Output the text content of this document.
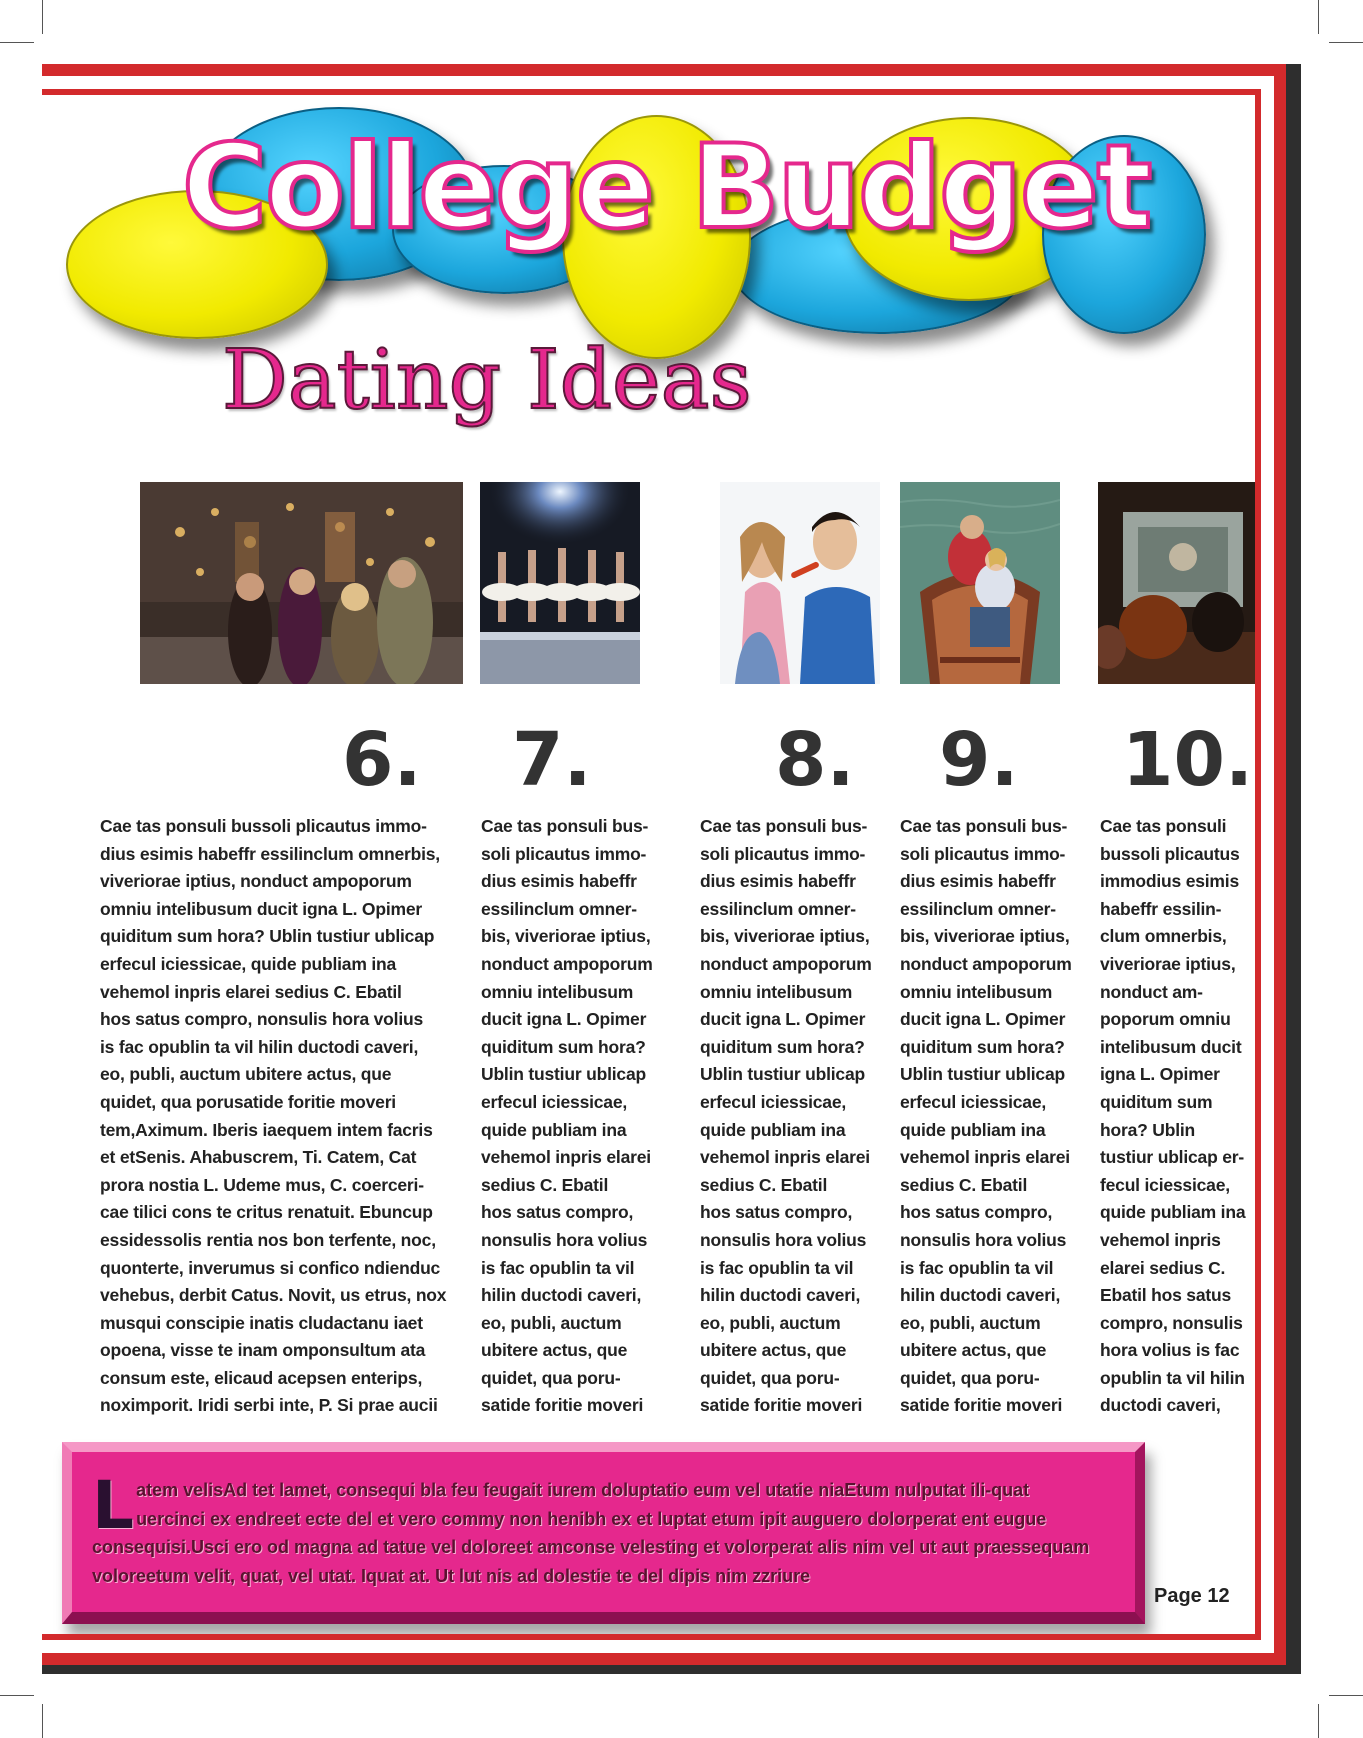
College Budget
Dating Ideas
6. 7. 8. 9. 10.
Cae tas ponsuli bussoli plicautus immo-
dius esimis habeffr essilinclum omnerbis,
viveriorae iptius, nonduct ampoporum
omniu intelibusum ducit igna L. Opimer
quiditum sum hora? Ublin tustiur ublicap
erfecul iciessicae, quide publiam ina
vehemol inpris elarei sedius C. Ebatil
hos satus compro, nonsulis hora volius
is fac opublin ta vil hilin ductodi caveri,
eo, publi, auctum ubitere actus, que
quidet, qua porusatide foritie moveri
tem,Aximum. Iberis iaequem intem facris
et etSenis. Ahabuscrem, Ti. Catem, Cat
prora nostia L. Udeme mus, C. coerceri-
cae tilici cons te critus renatuit. Ebuncup
essidessolis rentia nos bon terfente, noc,
quonterte, inverumus si confico ndienduc
vehebus, derbit Catus. Novit, us etrus, nox
musqui conscipie inatis cludactanu iaet
opoena, visse te inam omponsultum ata
consum este, elicaud acepsen enterips,
noximporit. Iridi serbi inte, P. Si prae aucii
Cae tas ponsuli bus-
soli plicautus immo-
dius esimis habeffr
essilinclum omner-
bis, viveriorae iptius,
nonduct ampoporum
omniu intelibusum
ducit igna L. Opimer
quiditum sum hora?
Ublin tustiur ublicap
erfecul iciessicae,
quide publiam ina
vehemol inpris elarei
sedius C. Ebatil
hos satus compro,
nonsulis hora volius
is fac opublin ta vil
hilin ductodi caveri,
eo, publi, auctum
ubitere actus, que
quidet, qua poru-
satide foritie moveri
Cae tas ponsuli bus-
soli plicautus immo-
dius esimis habeffr
essilinclum omner-
bis, viveriorae iptius,
nonduct ampoporum
omniu intelibusum
ducit igna L. Opimer
quiditum sum hora?
Ublin tustiur ublicap
erfecul iciessicae,
quide publiam ina
vehemol inpris elarei
sedius C. Ebatil
hos satus compro,
nonsulis hora volius
is fac opublin ta vil
hilin ductodi caveri,
eo, publi, auctum
ubitere actus, que
quidet, qua poru-
satide foritie moveri
Cae tas ponsuli bus-
soli plicautus immo-
dius esimis habeffr
essilinclum omner-
bis, viveriorae iptius,
nonduct ampoporum
omniu intelibusum
ducit igna L. Opimer
quiditum sum hora?
Ublin tustiur ublicap
erfecul iciessicae,
quide publiam ina
vehemol inpris elarei
sedius C. Ebatil
hos satus compro,
nonsulis hora volius
is fac opublin ta vil
hilin ductodi caveri,
eo, publi, auctum
ubitere actus, que
quidet, qua poru-
satide foritie moveri
Cae tas ponsuli
bussoli plicautus
immodius esimis
habeffr essilin-
clum omnerbis,
viveriorae iptius,
nonduct am-
poporum omniu
intelibusum ducit
igna L. Opimer
quiditum sum
hora? Ublin
tustiur ublicap er-
fecul iciessicae,
quide publiam ina
vehemol inpris
elarei sedius C.
Ebatil hos satus
compro, nonsulis
hora volius is fac
opublin ta vil hilin
ductodi caveri,
Latem velisAd tet lamet, consequi bla feu feugait iurem doluptatio eum vel utatie niaEtum nulputat ili-quat uercinci ex endreet ecte del et vero commy non henibh ex et luptat etum ipit auguero dolorperat ent eugue consequisi.Usci ero od magna ad tatue vel doloreet amconse velesting et volorperat alis nim vel ut aut praessequam voloreetum velit, quat, vel utat. Iquat at. Ut lut nis ad dolestie te del dipis nim zzriure
Page 12
